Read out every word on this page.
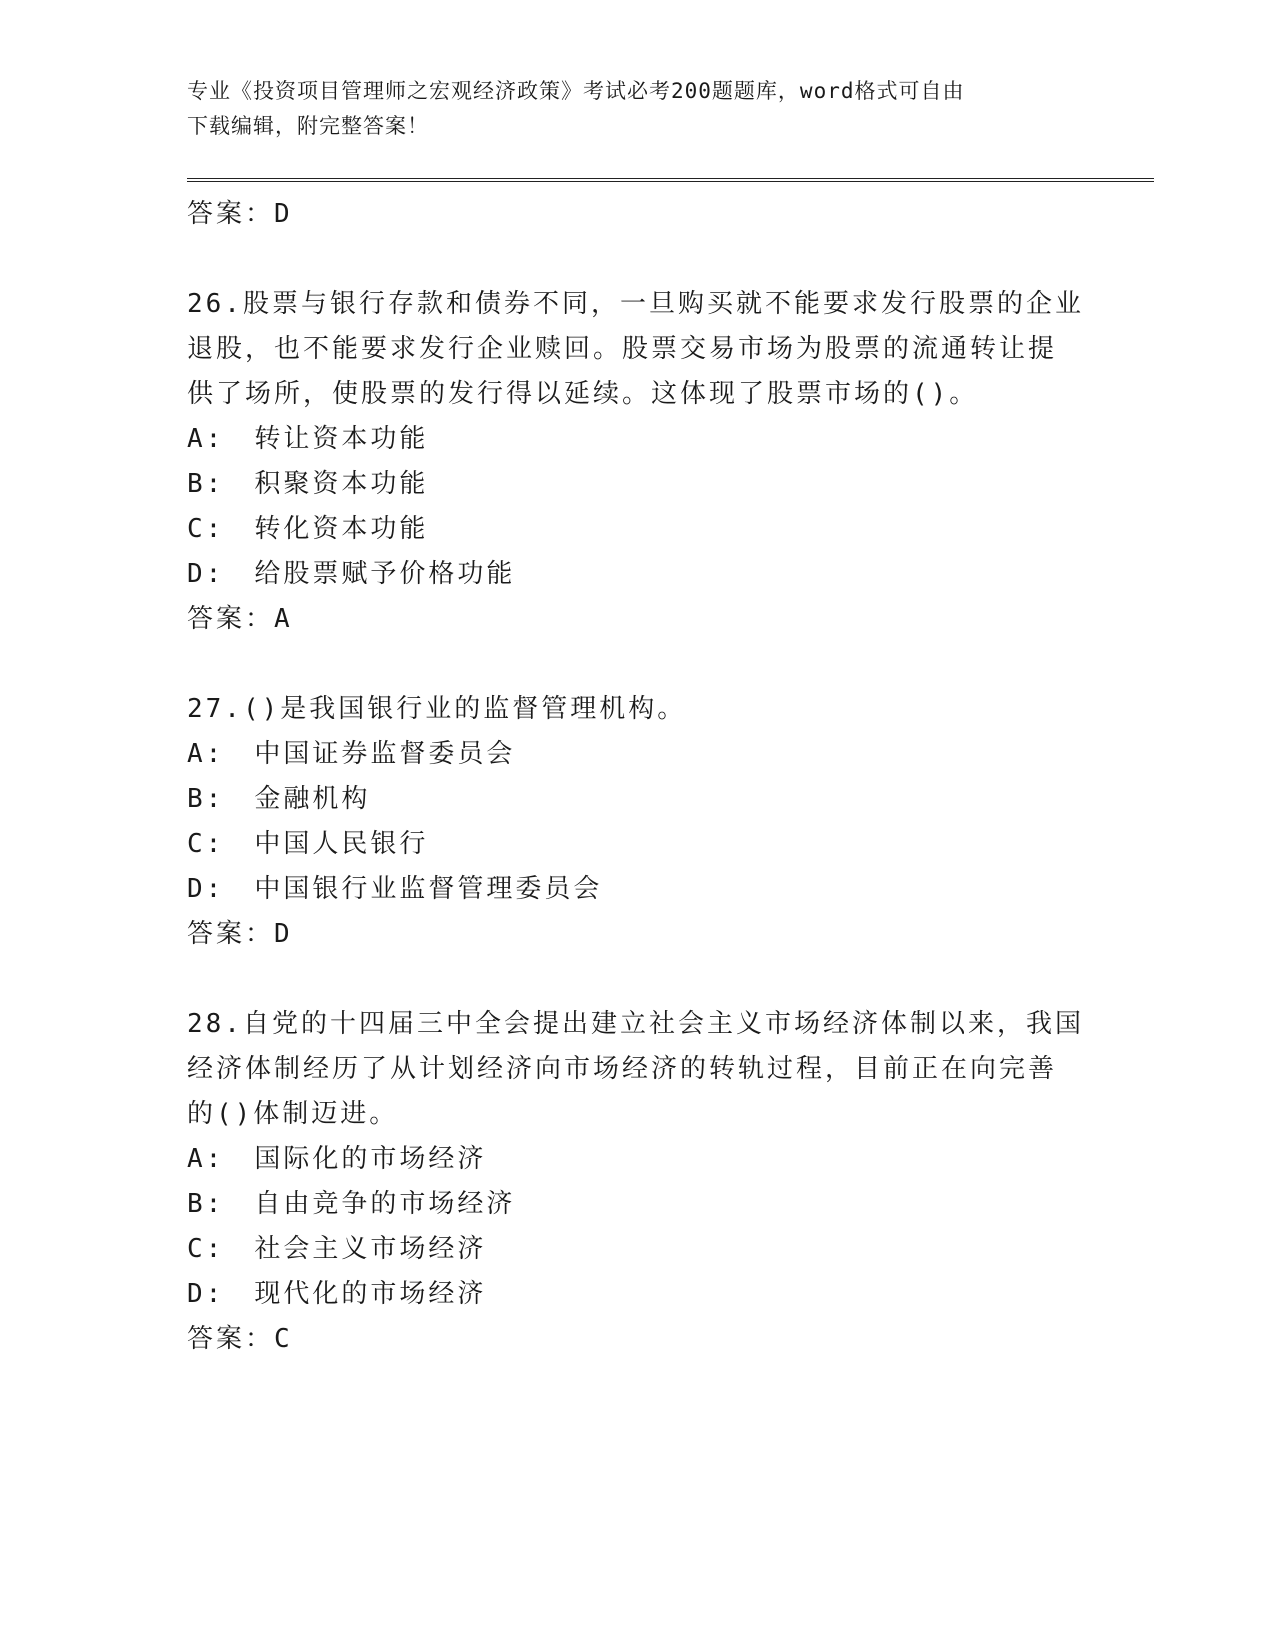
专业《投资项目管理师之宏观经济政策》考试必考200题题库，word格式可自由
下载编辑，附完整答案！
答案：D
26.股票与银行存款和债券不同，一旦购买就不能要求发行股票的企业
退股，也不能要求发行企业赎回。股票交易市场为股票的流通转让提
供了场所，使股票的发行得以延续。这体现了股票市场的()。
A: 转让资本功能
B: 积聚资本功能
C: 转化资本功能
D: 给股票赋予价格功能
答案：A
27.()是我国银行业的监督管理机构。
A: 中国证券监督委员会
B: 金融机构
C: 中国人民银行
D: 中国银行业监督管理委员会
答案：D
28.自党的十四届三中全会提出建立社会主义市场经济体制以来，我国
经济体制经历了从计划经济向市场经济的转轨过程，目前正在向完善
的()体制迈进。
A: 国际化的市场经济
B: 自由竞争的市场经济
C: 社会主义市场经济
D: 现代化的市场经济
答案：C
